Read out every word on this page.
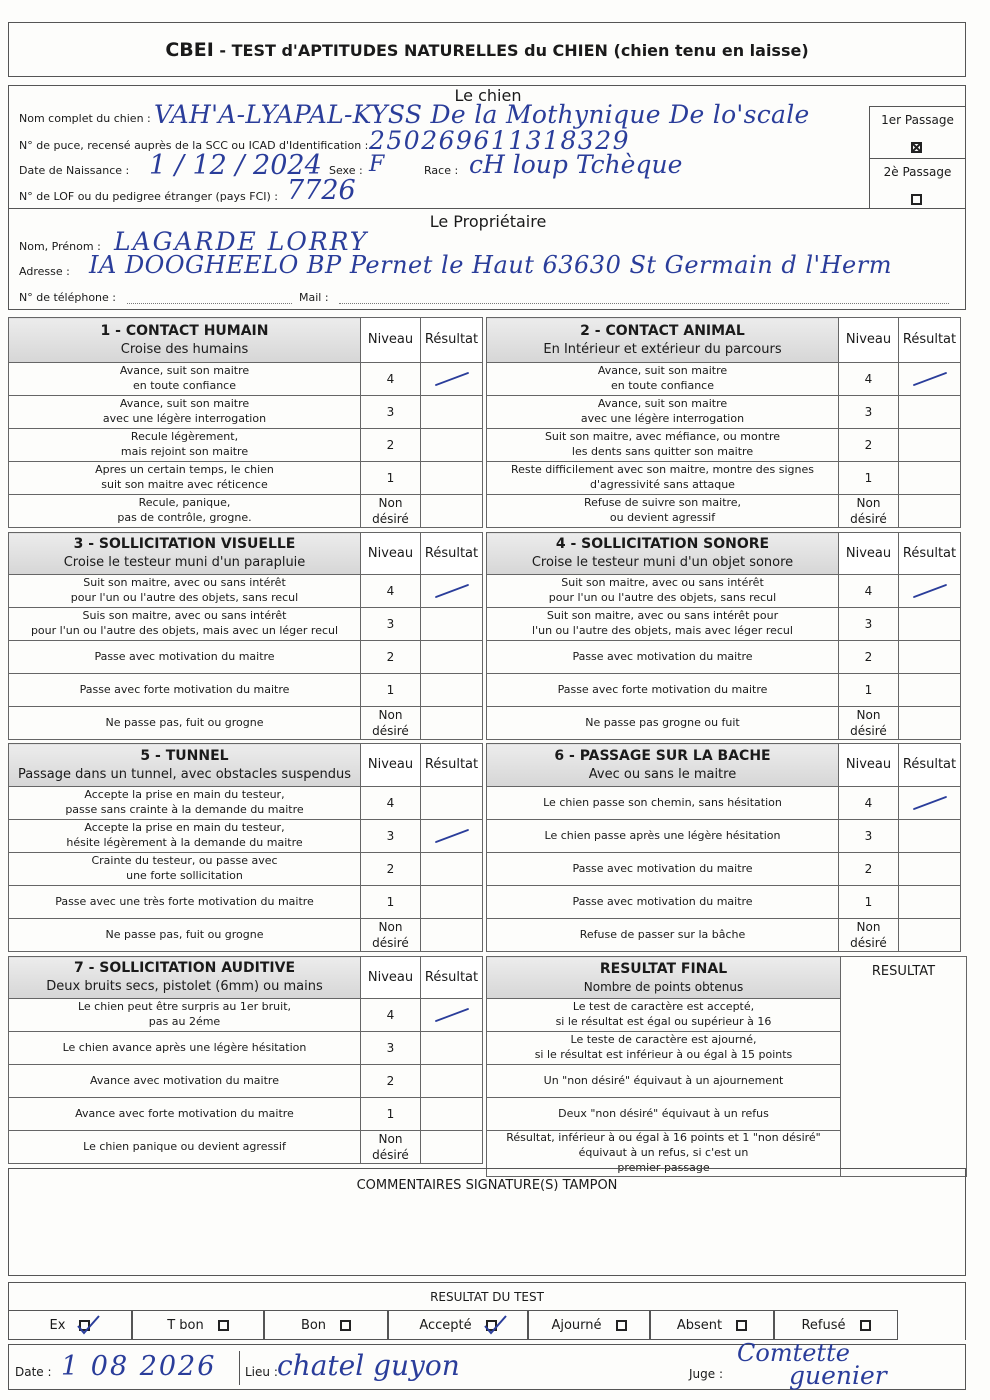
CBEI - TEST d'APTITUDES NATURELLES du CHIEN (chien tenu en laisse)
Le chien
Nom complet du chien : VAH'A-LYAPAL-KYSS De la Mothynique De lo'scale
N° de puce, recensé auprès de la SCC ou ICAD d'Identification : 250269611318329
Date de Naissance : 1 / 12 / 2024 Sexe : F	Race : cH loup Tchèque
N° de LOF ou du pedigree étranger (pays FCI) : 7726
1er Passage
2è Passage
Le Propriétaire
Nom, Prénom : LAGARDE LORRY
Adresse : IA DOOGHEELO BP Pernet le Haut 63630 St Germain d l'Herm
N° de téléphone :	Mail :
1 - CONTACT HUMAIN
Croise des humains	Niveau	Résultat
Avance, suit son maitre
en toute confiance	4	

Avance, suit son maitre
avec une légère interrogation	3	
Recule légèrement,
mais rejoint son maitre	2	
Apres un certain temps, le chien
suit son maitre avec réticence	1	
Recule, panique,
pas de contrôle, grogne.	Non
désiré	
2 - CONTACT ANIMAL
En Intérieur et extérieur du parcours	Niveau	Résultat
Avance, suit son maitre
en toute confiance	4	

Avance, suit son maitre
avec une légère interrogation	3	
Suit son maitre, avec méfiance, ou montre
les dents sans quitter son maitre	2	
Reste difficilement avec son maitre, montre des signes
d'agressivité sans attaque	1	
Refuse de suivre son maitre,
ou devient agressif	Non
désiré	
3 - SOLLICITATION VISUELLE
Croise le testeur muni d'un parapluie	Niveau	Résultat
Suit son maitre, avec ou sans intérêt
pour l'un ou l'autre des objets, sans recul	4	

Suis son maitre, avec ou sans intérêt
pour l'un ou l'autre des objets, mais avec un léger recul	3	
Passe avec motivation du maitre	2	
Passe avec forte motivation du maitre	1	
Ne passe pas, fuit ou grogne	Non
désiré	
4 - SOLLICITATION SONORE
Croise le testeur muni d'un objet sonore	Niveau	Résultat
Suit son maitre, avec ou sans intérêt
pour l'un ou l'autre des objets, sans recul	4	

Suit son maitre, avec ou sans intérêt pour
l'un ou l'autre des objets, mais avec léger recul	3	
Passe avec motivation du maitre	2	
Passe avec forte motivation du maitre	1	
Ne passe pas grogne ou fuit	Non
désiré	
5 - TUNNEL
Passage dans un tunnel, avec obstacles suspendus	Niveau	Résultat
Accepte la prise en main du testeur,
passe sans crainte à la demande du maitre	4	
Accepte la prise en main du testeur,
hésite légèrement à la demande du maitre	3	

Crainte du testeur, ou passe avec
une forte sollicitation	2	
Passe avec une très forte motivation du maitre	1	
Ne passe pas, fuit ou grogne	Non
désiré	
6 - PASSAGE SUR LA BACHE
Avec ou sans le maitre	Niveau	Résultat
Le chien passe son chemin, sans hésitation	4	

Le chien passe après une légère hésitation	3	
Passe avec motivation du maitre	2	
Passe avec motivation du maitre	1	
Refuse de passer sur la bâche	Non
désiré	
7 - SOLLICITATION AUDITIVE
Deux bruits secs, pistolet (6mm) ou mains	Niveau	Résultat
Le chien peut être surpris au 1er bruit,
pas au 2éme	4	

Le chien avance après une légère hésitation	3	
Avance avec motivation du maitre	2	
Avance avec forte motivation du maitre	1	
Le chien panique ou devient agressif	Non
désiré	
RESULTAT FINAL
Nombre de points obtenus
	RESULTAT
Le test de caractère est accepté,
si le résultat est égal ou supérieur à 16
Le teste de caractère est ajourné,
si le résultat est inférieur à ou égal à 15 points
Un "non désiré" équivaut à un ajournement
Deux "non désiré" équivaut à un refus
Résultat, inférieur à ou égal à 16 points et 1 "non désiré" équivaut à un refus, si c'est un
premier passage
COMMENTAIRES SIGNATURE(S) TAMPON
RESULTAT DU TEST
Ex	T bon	Bon	Accepté	Ajourné	Absent	Refusé
Date : 1 08 2026 Lieu : chatel guyon	Juge :
Comtette
guenier
